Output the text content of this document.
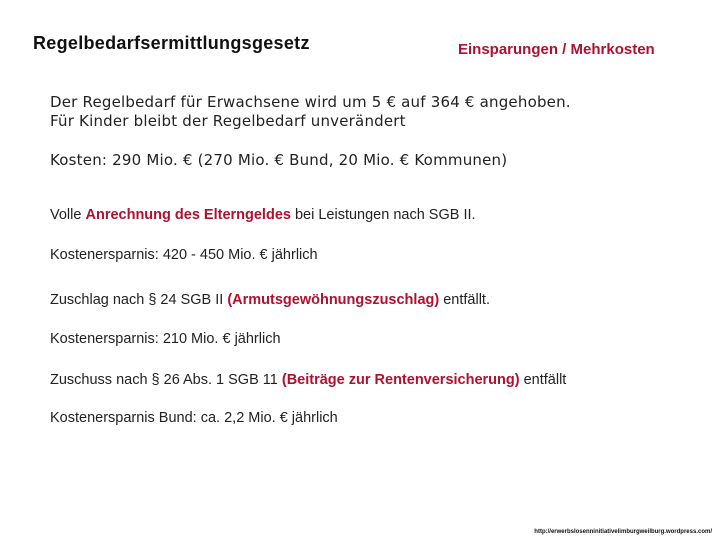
Regelbedarfsermittlungsgesetz	Einsparungen / Mehrkosten
Der Regelbedarf für Erwachsene wird um 5 € auf 364 € angehoben.
Für Kinder bleibt der Regelbedarf unverändert
Kosten: 290 Mio. € (270 Mio. € Bund, 20 Mio. € Kommunen)
Volle Anrechnung des Elterngeldes bei Leistungen nach SGB II.
Kostenersparnis: 420 - 450 Mio. € jährlich
Zuschlag nach § 24 SGB II (Armutsgewöhnungszuschlag) entfällt.
Kostenersparnis: 210 Mio. € jährlich
Zuschuss nach § 26 Abs. 1 SGB 11 (Beiträge zur Rentenversicherung) entfällt
Kostenersparnis Bund: ca. 2,2 Mio. € jährlich
http://erwerbslosenninitiativelimburgweilburg.wordpress.com/
